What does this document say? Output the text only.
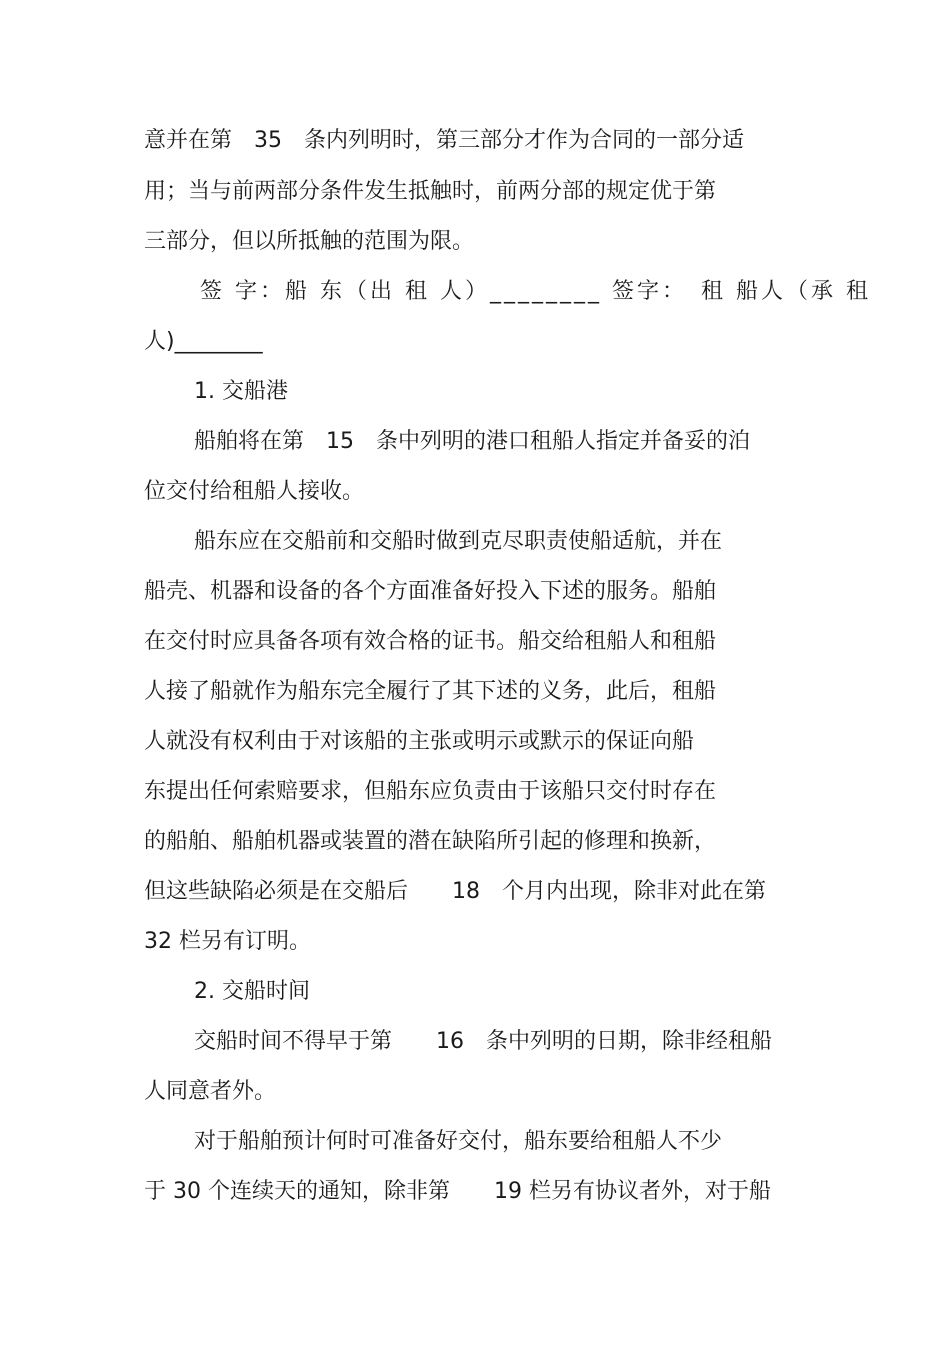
意并在第　35　条内列明时，第三部分才作为合同的一部分适

用；当与前两部分条件发生抵触时，前两分部的规定优于第

三部分，但以所抵触的范围为限。

签 字：船 东（出 租 人）________ 签字：　租 船人（承 租

人)________

1. 交船港

船舶将在第　15　条中列明的港口租船人指定并备妥的泊

位交付给租船人接收。

船东应在交船前和交船时做到克尽职责使船适航，并在

船壳、机器和设备的各个方面准备好投入下述的服务。船舶

在交付时应具备各项有效合格的证书。船交给租船人和租船

人接了船就作为船东完全履行了其下述的义务，此后，租船

人就没有权利由于对该船的主张或明示或默示的保证向船

东提出任何索赔要求，但船东应负责由于该船只交付时存在

的船舶、船舶机器或装置的潜在缺陷所引起的修理和换新，

但这些缺陷必须是在交船后　　18　个月内出现，除非对此在第

32 栏另有订明。

2. 交船时间

交船时间不得早于第　　16　条中列明的日期，除非经租船

人同意者外。

对于船舶预计何时可准备好交付，船东要给租船人不少

于 30 个连续天的通知，除非第　　19 栏另有协议者外，对于船
